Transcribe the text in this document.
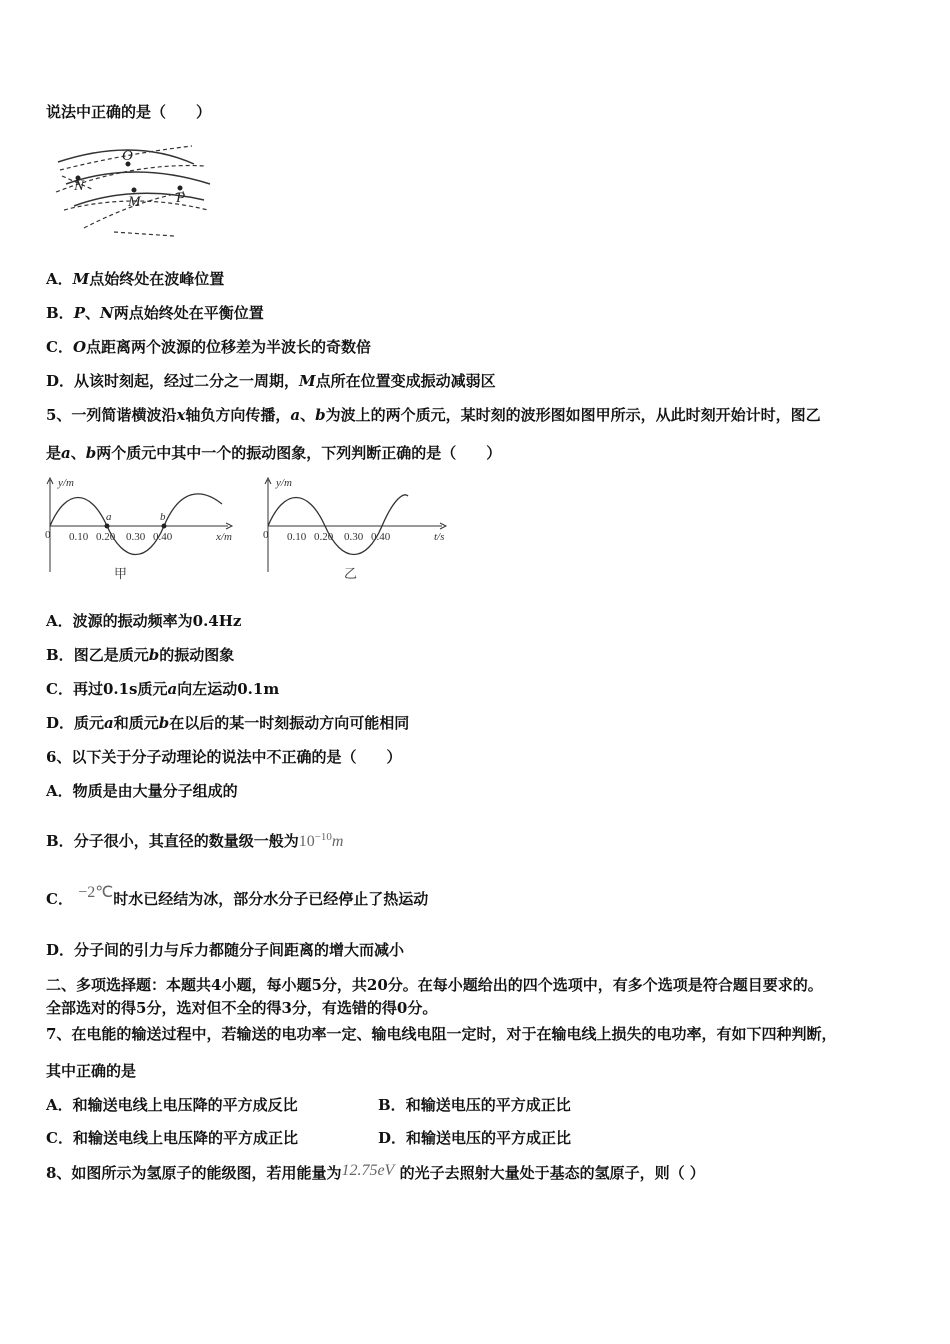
说法中正确的是（　　）
O
N
M P
A．M点始终处在波峰位置
B．P、N两点始终处在平衡位置
C．O点距离两个波源的位移差为半波长的奇数倍
D．从该时刻起，经过二分之一周期，M点所在位置变成振动减弱区
5、一列简谐横波沿x轴负方向传播，a、b为波上的两个质元，某时刻的波形图如图甲所示，从此时刻开始计时，图乙
是a、b两个质元中其中一个的振动图象，下列判断正确的是（　　）
y/m
x/m
0 0.10 0.20 0.30 0.40
a	b
甲
y/m
t/s
0 0.10 0.20 0.30 0.40
乙
A．波源的振动频率为0.4Hz
B．图乙是质元b的振动图象
C．再过0.1s质元a向左运动0.1m
D．质元a和质元b在以后的某一时刻振动方向可能相同
6、以下关于分子动理论的说法中不正确的是（　　）
A．物质是由大量分子组成的
B．分子很小，其直径的数量级一般为$10^{-10}m$
C． −2℃时水已经结为冰，部分水分子已经停止了热运动
D．分子间的引力与斥力都随分子间距离的增大而减小
二、多项选择题：本题共4小题，每小题5分，共20分。在每小题给出的四个选项中，有多个选项是符合题目要求的。
全部选对的得5分，选对但不全的得3分，有选错的得0分。
7、在电能的输送过程中，若输送的电功率一定、输电线电阻一定时，对于在输电线上损失的电功率，有如下四种判断，
其中正确的是
A．和输送电线上电压降的平方成反比	B．和输送电压的平方成正比
C．和输送电线上电压降的平方成正比	D．和输送电压的平方成正比
8、如图所示为氢原子的能级图，若用能量为12.75eV 的光子去照射大量处于基态的氢原子，则（ ）
